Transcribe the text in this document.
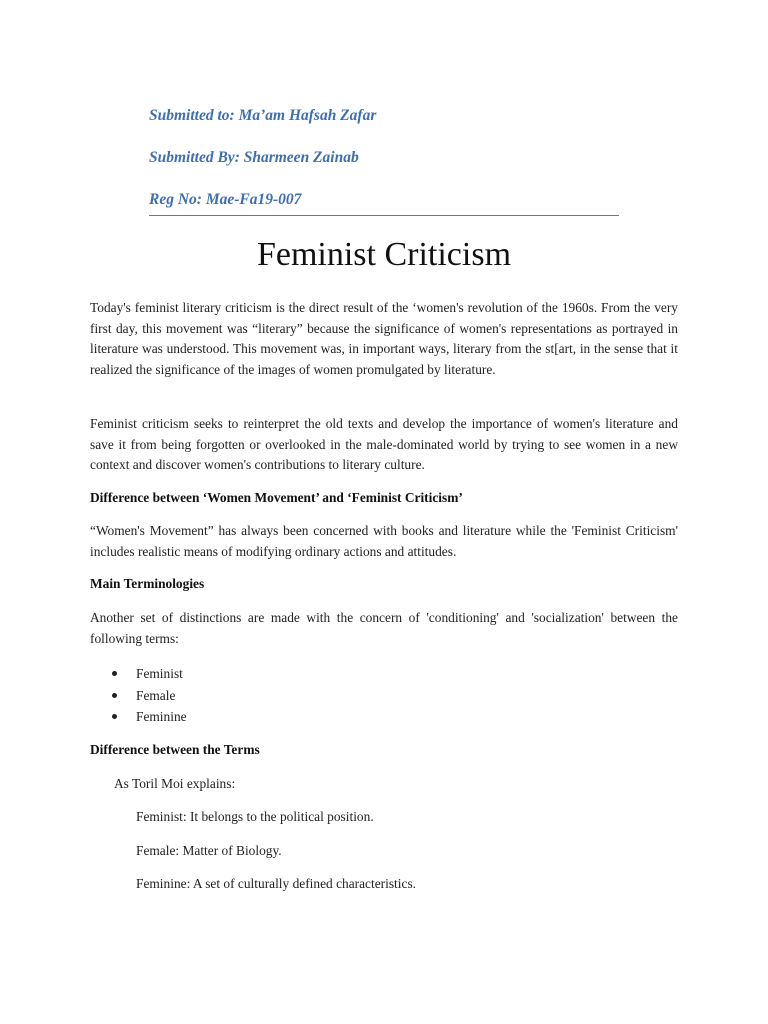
Submitted to: Ma’am Hafsah Zafar
Submitted By: Sharmeen Zainab
Reg No: Mae-Fa19-007
Feminist Criticism

Today's feminist literary criticism is the direct result of the ‘women's revolution of the 1960s. From the very first day, this movement was “literary” because the significance of women's representations as portrayed in literature was understood. This movement was, in important ways, literary from the st[art, in the sense that it realized the significance of the images of women promulgated by literature.

Feminist criticism seeks to reinterpret the old texts and develop the importance of women's literature and save it from being forgotten or overlooked in the male-dominated world by trying to see women in a new context and discover women's contributions to literary culture.

Difference between ‘Women Movement’ and ‘Feminist Criticism’

“Women's Movement” has always been concerned with books and literature while the 'Feminist Criticism' includes realistic means of modifying ordinary actions and attitudes.

Main Terminologies

Another set of distinctions are made with the concern of 'conditioning' and 'socialization' between the following terms:

Feminist
Female
Feminine

Difference between the Terms

As Toril Moi explains:
Feminist: It belongs to the political position.
Female: Matter of Biology.
Feminine: A set of culturally defined characteristics.
